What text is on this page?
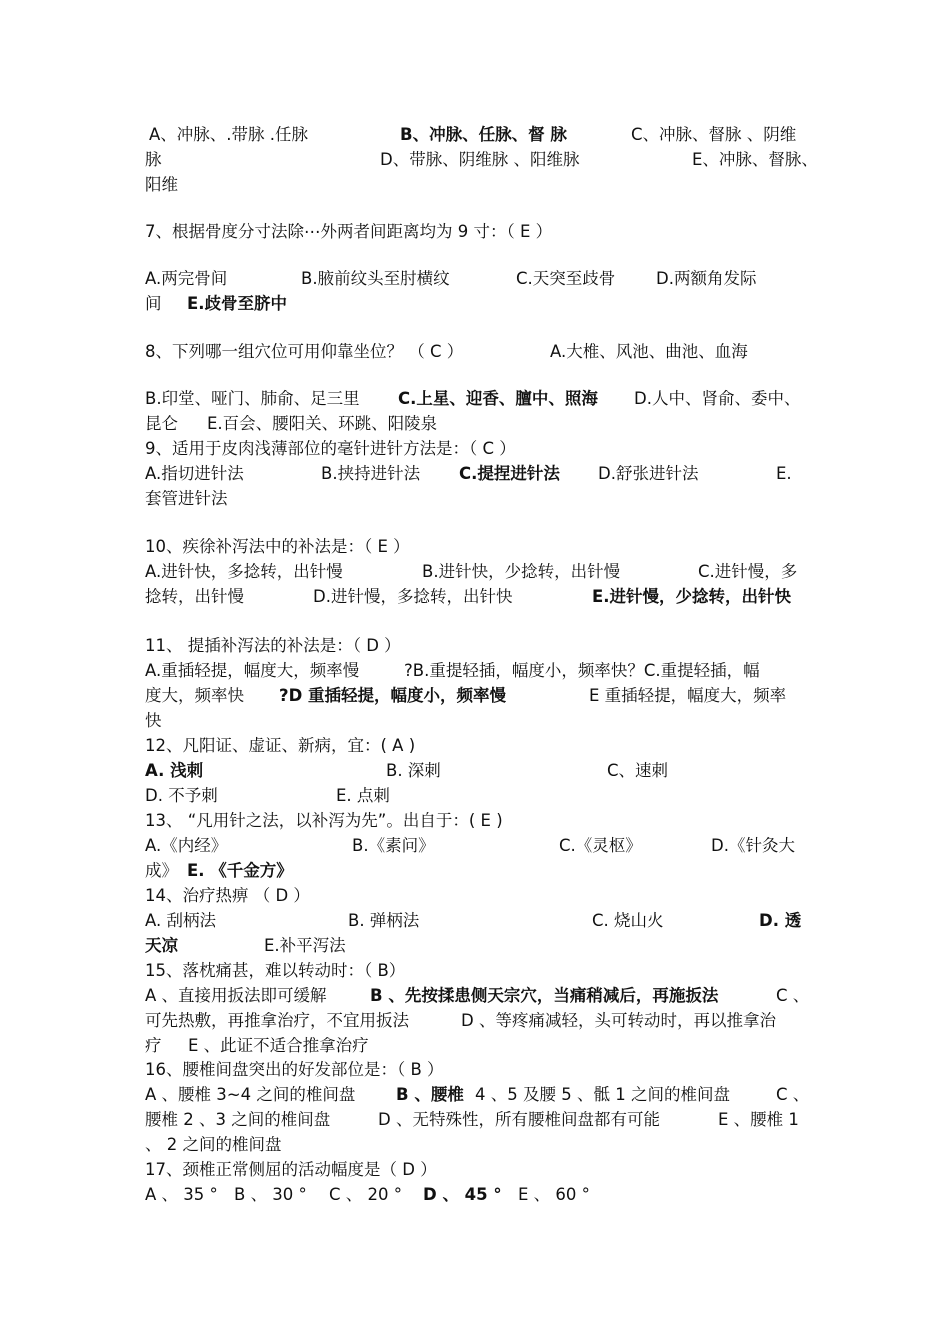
A、冲脉、.带脉 .任脉	B、冲脉、任脉、督 脉	C、冲脉、督脉 、阴维
脉	D、带脉、阴维脉 、阳维脉	E、冲脉、督脉、
阳维
7、根据骨度分寸法除⋯外两者间距离均为 9 寸：（ E ）
A.两完骨间	B.腋前纹头至肘横纹	C.天突至歧骨 D.两额角发际
间 E.歧骨至脐中
8、下列哪一组穴位可用仰靠坐位？ （ C ）	A.大椎、风池、曲池、血海
B.印堂、哑门、肺俞、足三里 C.上星、迎香、膻中、照海 D.人中、肾俞、委中、
昆仑 E.百会、腰阳关、环跳、阳陵泉
9、适用于皮肉浅薄部位的毫针进针方法是：（ C ）
A.指切进针法	B.挟持进针法 C.提捏进针法 D.舒张进针法	E.
套管进针法
10、疾徐补泻法中的补法是：（ E ）
A.进针快，多捻转，出针慢	B.进针快，少捻转，出针慢	C.进针慢，多
捻转，出针慢	D.进针慢，多捻转，出针快	E.进针慢，少捻转，出针快
11、 提插补泻法的补法是：（ D ）
A.重插轻提，幅度大，频率慢	?B.重提轻插，幅度小，频率快？C.重提轻插，幅
度大，频率快 ?D 重插轻提，幅度小，频率慢	E 重插轻提，幅度大，频率
快
12、凡阳证、虚证、新病，宜：( A )
A. 浅刺	B. 深刺	C、速刺
D. 不予刺	E. 点刺
13、 “凡用针之法，以补泻为先”。出自于：( E )
A.《内经》	B.《素问》	C.《灵枢》	D.《针灸大
成》 E. 《千金方》
14、治疗热痹 （ D ）
A. 刮柄法	B. 弹柄法	C. 烧山火	D. 透
天凉	E.补平泻法
15、落枕痛甚，难以转动时：（ B）
A 、直接用扳法即可缓解	B 、先按揉患侧天宗穴，当痛稍减后，再施扳法	C 、
可先热敷，再推拿治疗，不宜用扳法	D 、等疼痛减轻，头可转动时，再以推拿治
疗 E 、此证不适合推拿治疗
16、腰椎间盘突出的好发部位是：（ B ）
A 、腰椎 3~4 之间的椎间盘 B 、腰椎 4 、5 及腰 5 、骶 1 之间的椎间盘	C 、
腰椎 2 、3 之间的椎间盘	D 、无特殊性，所有腰椎间盘都有可能	E 、腰椎 1
、 2 之间的椎间盘
17、颈椎正常侧屈的活动幅度是（ D ）
A 、 35 ° B 、 30 ° C 、 20 ° D 、 45 ° E 、 60 °
